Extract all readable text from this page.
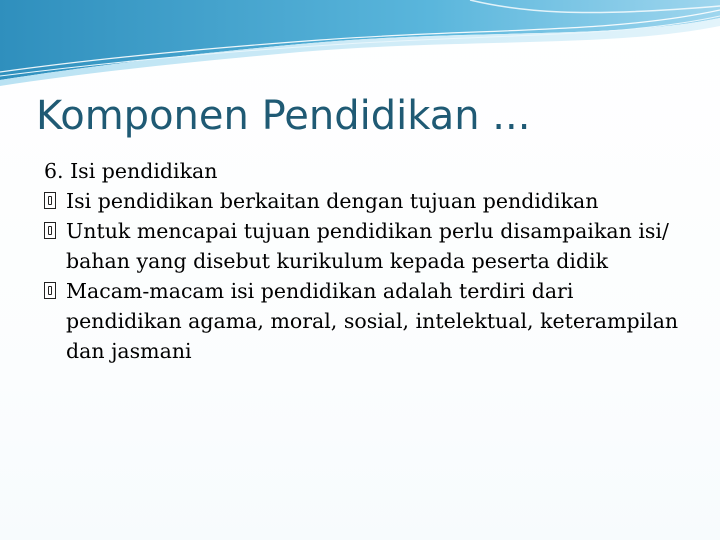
Komponen Pendidikan ...

6. Isi pendidikan

Isi pendidikan berkaitan dengan tujuan pendidikan
Untuk mencapai tujuan pendidikan perlu disampaikan isi/ bahan yang disebut kurikulum kepada peserta didik
Macam-macam isi pendidikan adalah terdiri dari pendidikan agama, moral, sosial, intelektual, keterampilan dan jasmani
